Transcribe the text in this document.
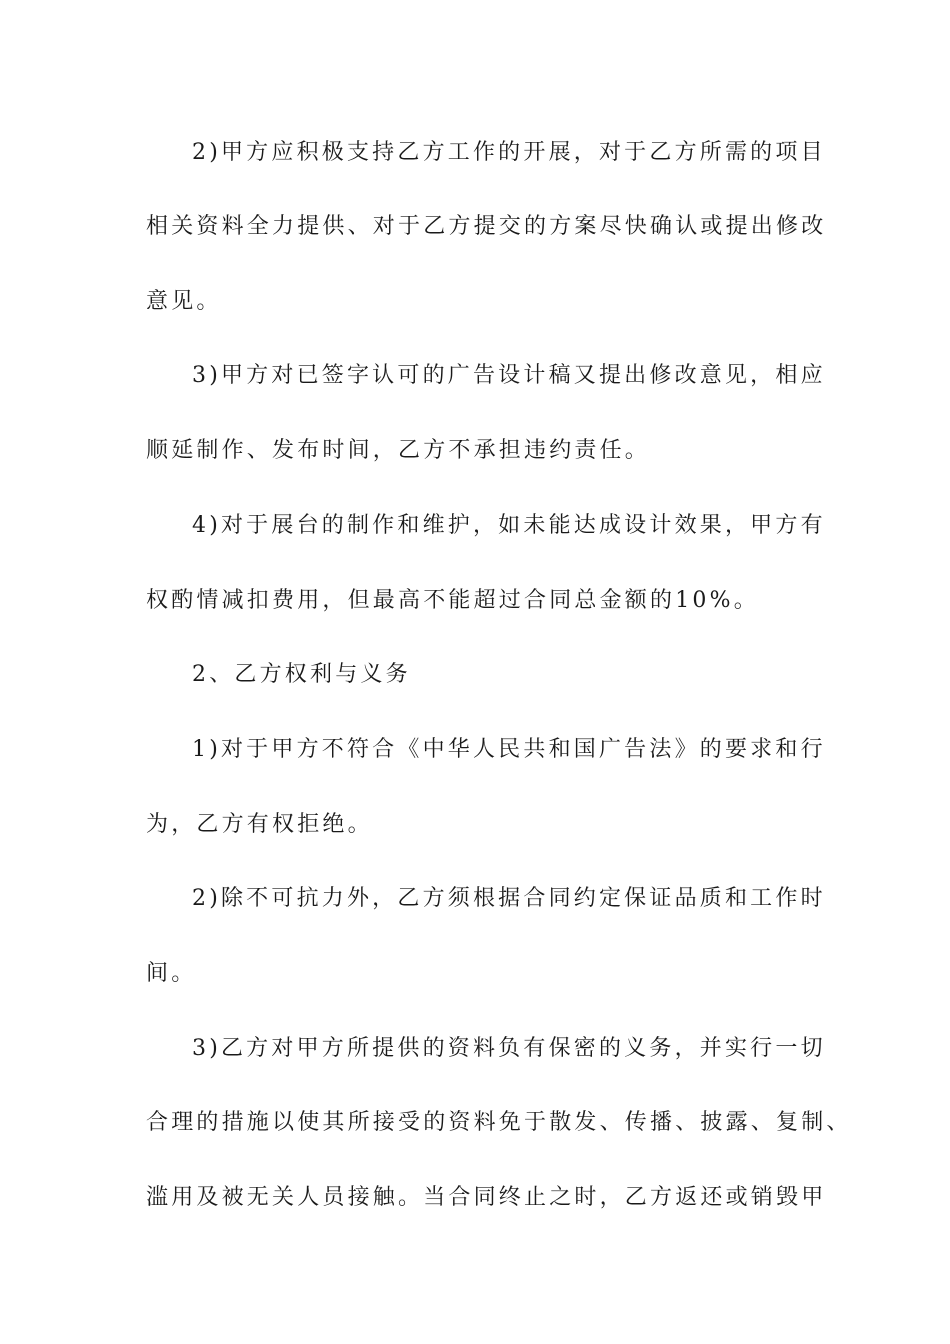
2)甲方应积极支持乙方工作的开展，对于乙方所需的项目
相关资料全力提供、对于乙方提交的方案尽快确认或提出修改
意见。
3)甲方对已签字认可的广告设计稿又提出修改意见，相应
顺延制作、发布时间，乙方不承担违约责任。
4)对于展台的制作和维护，如未能达成设计效果，甲方有
权酌情减扣费用，但最高不能超过合同总金额的10%。
2、乙方权利与义务
1)对于甲方不符合《中华人民共和国广告法》的要求和行
为，乙方有权拒绝。
2)除不可抗力外，乙方须根据合同约定保证品质和工作时
间。
3)乙方对甲方所提供的资料负有保密的义务，并实行一切
合理的措施以使其所接受的资料免于散发、传播、披露、复制、
滥用及被无关人员接触。当合同终止之时，乙方返还或销毁甲
